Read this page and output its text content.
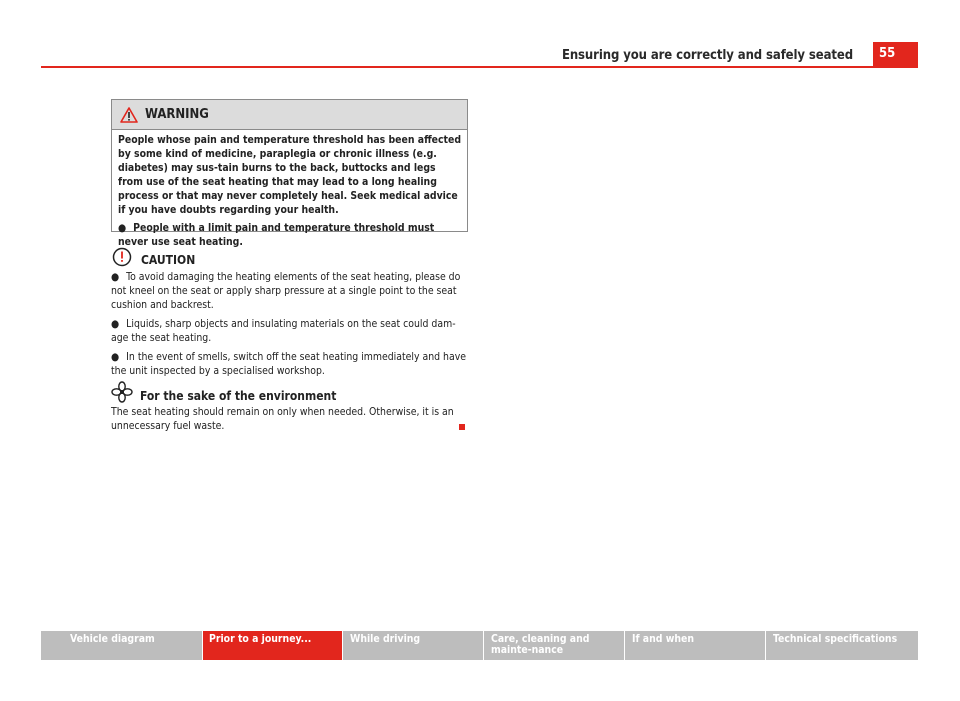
Ensuring you are correctly and safely seated	55
WARNING

People whose pain and temperature threshold has been affected by some kind of medicine, paraplegia or chronic illness (e.g. diabetes) may sus-tain burns to the back, buttocks and legs from use of the seat heating that may lead to a long healing process or that may never completely heal. Seek medical advice if you have doubts regarding your health.

● People with a limit pain and temperature threshold must never use seat heating.

CAUTION

● To avoid damaging the heating elements of the seat heating, please do not kneel on the seat or apply sharp pressure at a single point to the seat cushion and backrest.

● Liquids, sharp objects and insulating materials on the seat could dam-age the seat heating.

● In the event of smells, switch off the seat heating immediately and have the unit inspected by a specialised workshop.

For the sake of the environment
The seat heating should remain on only when needed. Otherwise, it is an unnecessary fuel waste.
Vehicle diagram	Prior to a journey...	While driving	Care, cleaning and mainte-nance
If and when	Technical specifications
